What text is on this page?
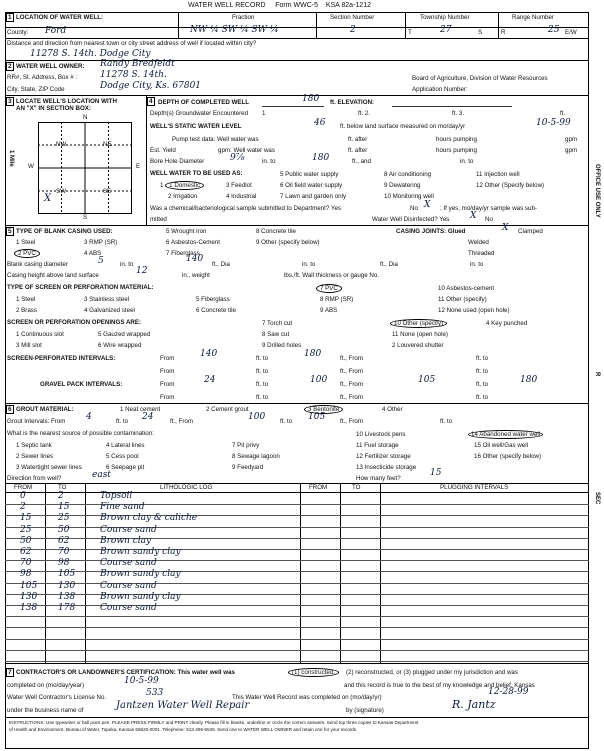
WATER WELL RECORD Form WWC-5 KSA 82a-1212
1 LOCATION OF WATER WELL:
County: Ford
Fraction
NW ¼ SW ¼ SW ¼
Section Number
2
Township Number
T	27	S
Range Number
R	25 E/W
Distance and direction from nearest town or city street address of well if located within city?
11278 S. 14th. Dodge City
2 WATER WELL OWNER: Randy Bredfeldt
RR#, St. Address, Box # :	11278 S. 14th.
City, State, ZIP Code	Dodge City, Ks. 67801
Board of Agriculture, Division of Water Resources
Application Number:
3 LOCATE WELL'S LOCATION WITH
AN "X" IN SECTION BOX:
N
S
W	E
1 Mile
NW	NE
SW	SE
X
4 DEPTH OF COMPLETED WELL	180 ft. ELEVATION:
Depth(s) Groundwater Encountered 1	ft. 2.	ft. 3.	ft.
WELL'S STATIC WATER LEVEL	46 ft. below land surface measured on mo/day/yr	10-5-99
Pump test data: Well water was	ft. after	hours pumping	gpm
Est. Yield	gpm: Well water was	ft. after	hours pumping	gpm
Bore Hole Diameter	9⅞	in. to	180	ft., and	in. to
WELL WATER TO BE USED AS:
1 1 Domestic	3 Feedlot
5 Public water supply	8 Air conditioning	11 Injection well
2 Irrigation	4 Industrial
6 Oil field water supply	9 Dewatering	12 Other (Specify below)
7 Lawn and garden only	10 Monitoring well
Was a chemical/bacteriological sample submitted to Department? Yes	No X ; If yes, mo/day/yr sample was sub-
mitted	Water Well Disinfected? Yes X No
5 TYPE OF BLANK CASING USED:
1 Steel	3 RMP (SR)
5 Wrought iron	8 Concrete tile
2 PVC	4 ABS
6 Asbestos-Cement
7 Fiberglass
9 Other (specify below)
CASING JOINTS: Glued	X Clamped
Welded
Threaded
Blank casing diameter	5	in. to
140
ft., Dia	in. to	ft., Dia	in. to
Casing height above land surface	12	in., weight	lbs./ft. Wall thickness or gauge No.
TYPE OF SCREEN OR PERFORATION MATERIAL:
1 Steel	3 Stainless steel	5 Fiberglass
7 PVC	10 Asbestos-cement
2 Brass	4 Galvanized steel	6 Concrete tile
8 RMP (SR)
9 ABS
11 Other (specify)
12 None used (open hole)
SCREEN OR PERFORATION OPENINGS ARE:
1 Continuous slot	5 Gauzed wrapped
7 Torch cut
8 Saw cut
9 Drilled holes
10 Other (specify)
11 None (open hole)
2 Louvered shutter
4 Key punched
3 Mill slot	6 Wire wrapped
SCREEN-PERFORATED INTERVALS:	From	140	ft. to	180	ft., From	ft. to
From	ft. to	ft., From	ft. to
GRAVEL PACK INTERVALS:	From	24	ft. to	100 ft., From	105	ft. to	180
From	ft. to	ft., From	ft. to
6 GROUT MATERIAL:	1 Neat cement	2 Cement grout	3 Bentonite	4 Other
Grout Intervals: From 4	ft. to 24	ft., From	100 ft. to 105 ft., From	ft. to
What is the nearest source of possible contamination:
1 Septic tank	4 Lateral lines	7 Pit privy
10 Livestock pens	14 Abandoned water well
2 Sewer lines	5 Cess pool	8 Sewage lagoon
11 Fuel storage	15 Oil well/Gas well
3 Watertight sewer lines	6 Seepage pit	9 Feedyard
12 Fertilizer storage	16 Other (specify below)
13 Insecticide storage
Direction from well?	east	How many feet?
15
FROM	TO	LITHOLOGIC LOG	FROM	TO	PLUGGING INTERVALS
0	2	Topsoil
2	15	Fine sand
15	25	Brown clay & caliche
25	50	Course sand
50	62	Brown clay
62	70	Brown sandy clay
70	98	Course sand
98	105	Brown sandy clay
105 130	Course sand
130 138	Brown sandy clay
138 178	Course sand
7 CONTRACTOR'S OR LANDOWNER'S CERTIFICATION: This water well was	(1) constructed,	(2) reconstructed, or (3) plugged under my jurisdiction and was
completed on (mo/day/year)	10-5-99	and this record is true to the best of my knowledge and belief. Kansas
Water Well Contractor's License No.	533	This Water Well Record was completed on (mo/day/yr)
12-28-99
under the business name of	Jantzen Water Well Repair	by (signature)	R. Jantz
INSTRUCTIONS: Use typewriter or ball point pen. PLEASE PRESS FIRMLY and PRINT clearly. Please fill in blanks, underline or circle the correct answers. Send top three copies to Kansas Department
of Health and Environment, Bureau of Water, Topeka, Kansas 66620-0001. Telephone: 913-296-5545. Send one to WATER WELL OWNER and retain one for your records.
OFFICE USE ONLY
R
SEC
